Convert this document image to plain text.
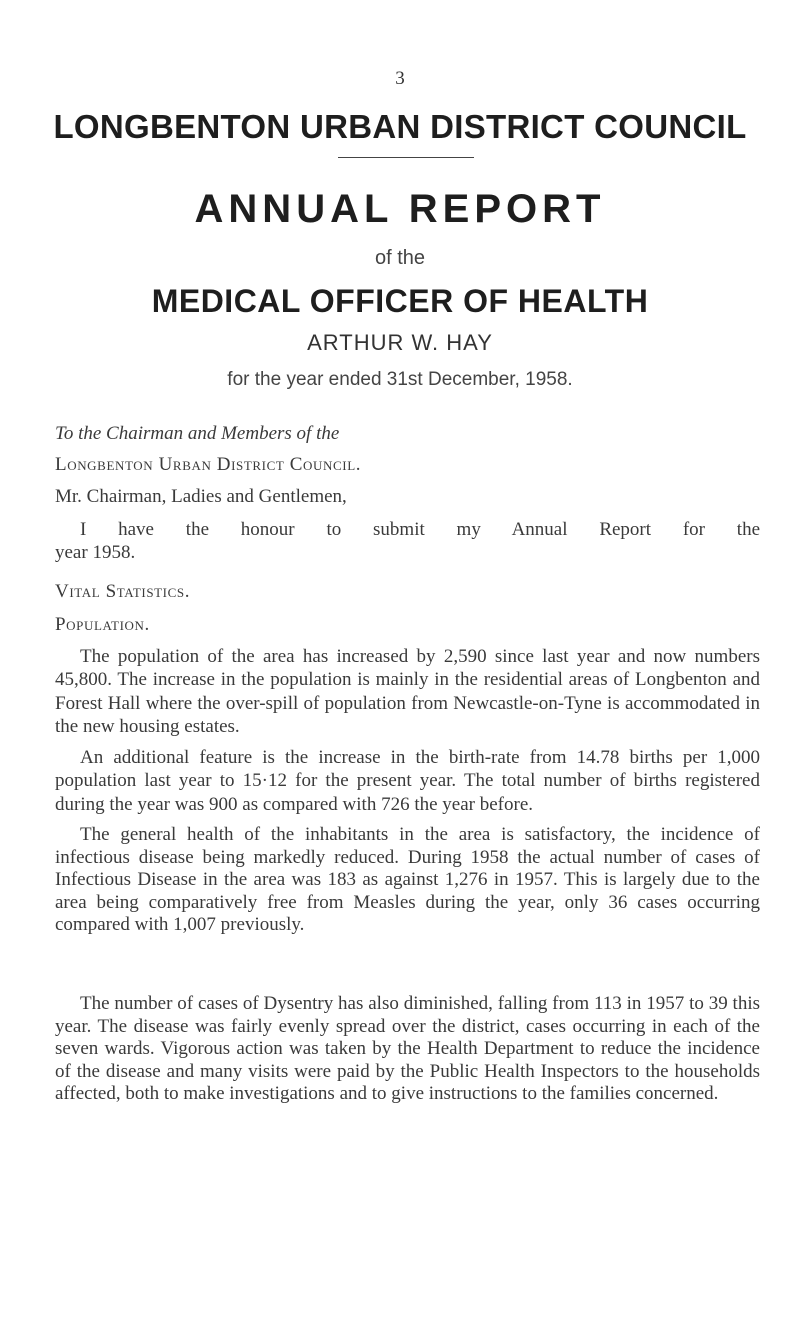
3
LONGBENTON URBAN DISTRICT COUNCIL
ANNUAL REPORT
of the
MEDICAL OFFICER OF HEALTH
ARTHUR W. HAY
for the year ended 31st December, 1958.
To the Chairman and Members of the
Longbenton Urban District Council.
Mr. Chairman, Ladies and Gentlemen,
I have the honour to submit my Annual Report for the
year 1958.
Vital Statistics.
Population.
The population of the area has increased by 2,590 since last year and now numbers 45,800. The increase in the population is mainly in the residential areas of Longbenton and Forest Hall where the over-spill of population from Newcastle-on-Tyne is accommodated in the new housing estates.
An additional feature is the increase in the birth-rate from 14.78 births per 1,000 population last year to 15·12 for the present year. The total number of births registered during the year was 900 as compared with 726 the year before.
The general health of the inhabitants in the area is satisfactory, the incidence of infectious disease being markedly reduced. During 1958 the actual number of cases of Infectious Disease in the area was 183 as against 1,276 in 1957. This is largely due to the area being comparatively free from Measles during the year, only 36 cases occurring compared with 1,007 previously.
The number of cases of Dysentry has also diminished, falling from 113 in 1957 to 39 this year. The disease was fairly evenly spread over the district, cases occurring in each of the seven wards. Vigorous action was taken by the Health Department to reduce the incidence of the disease and many visits were paid by the Public Health Inspectors to the households affected, both to make investigations and to give instructions to the families concerned.
